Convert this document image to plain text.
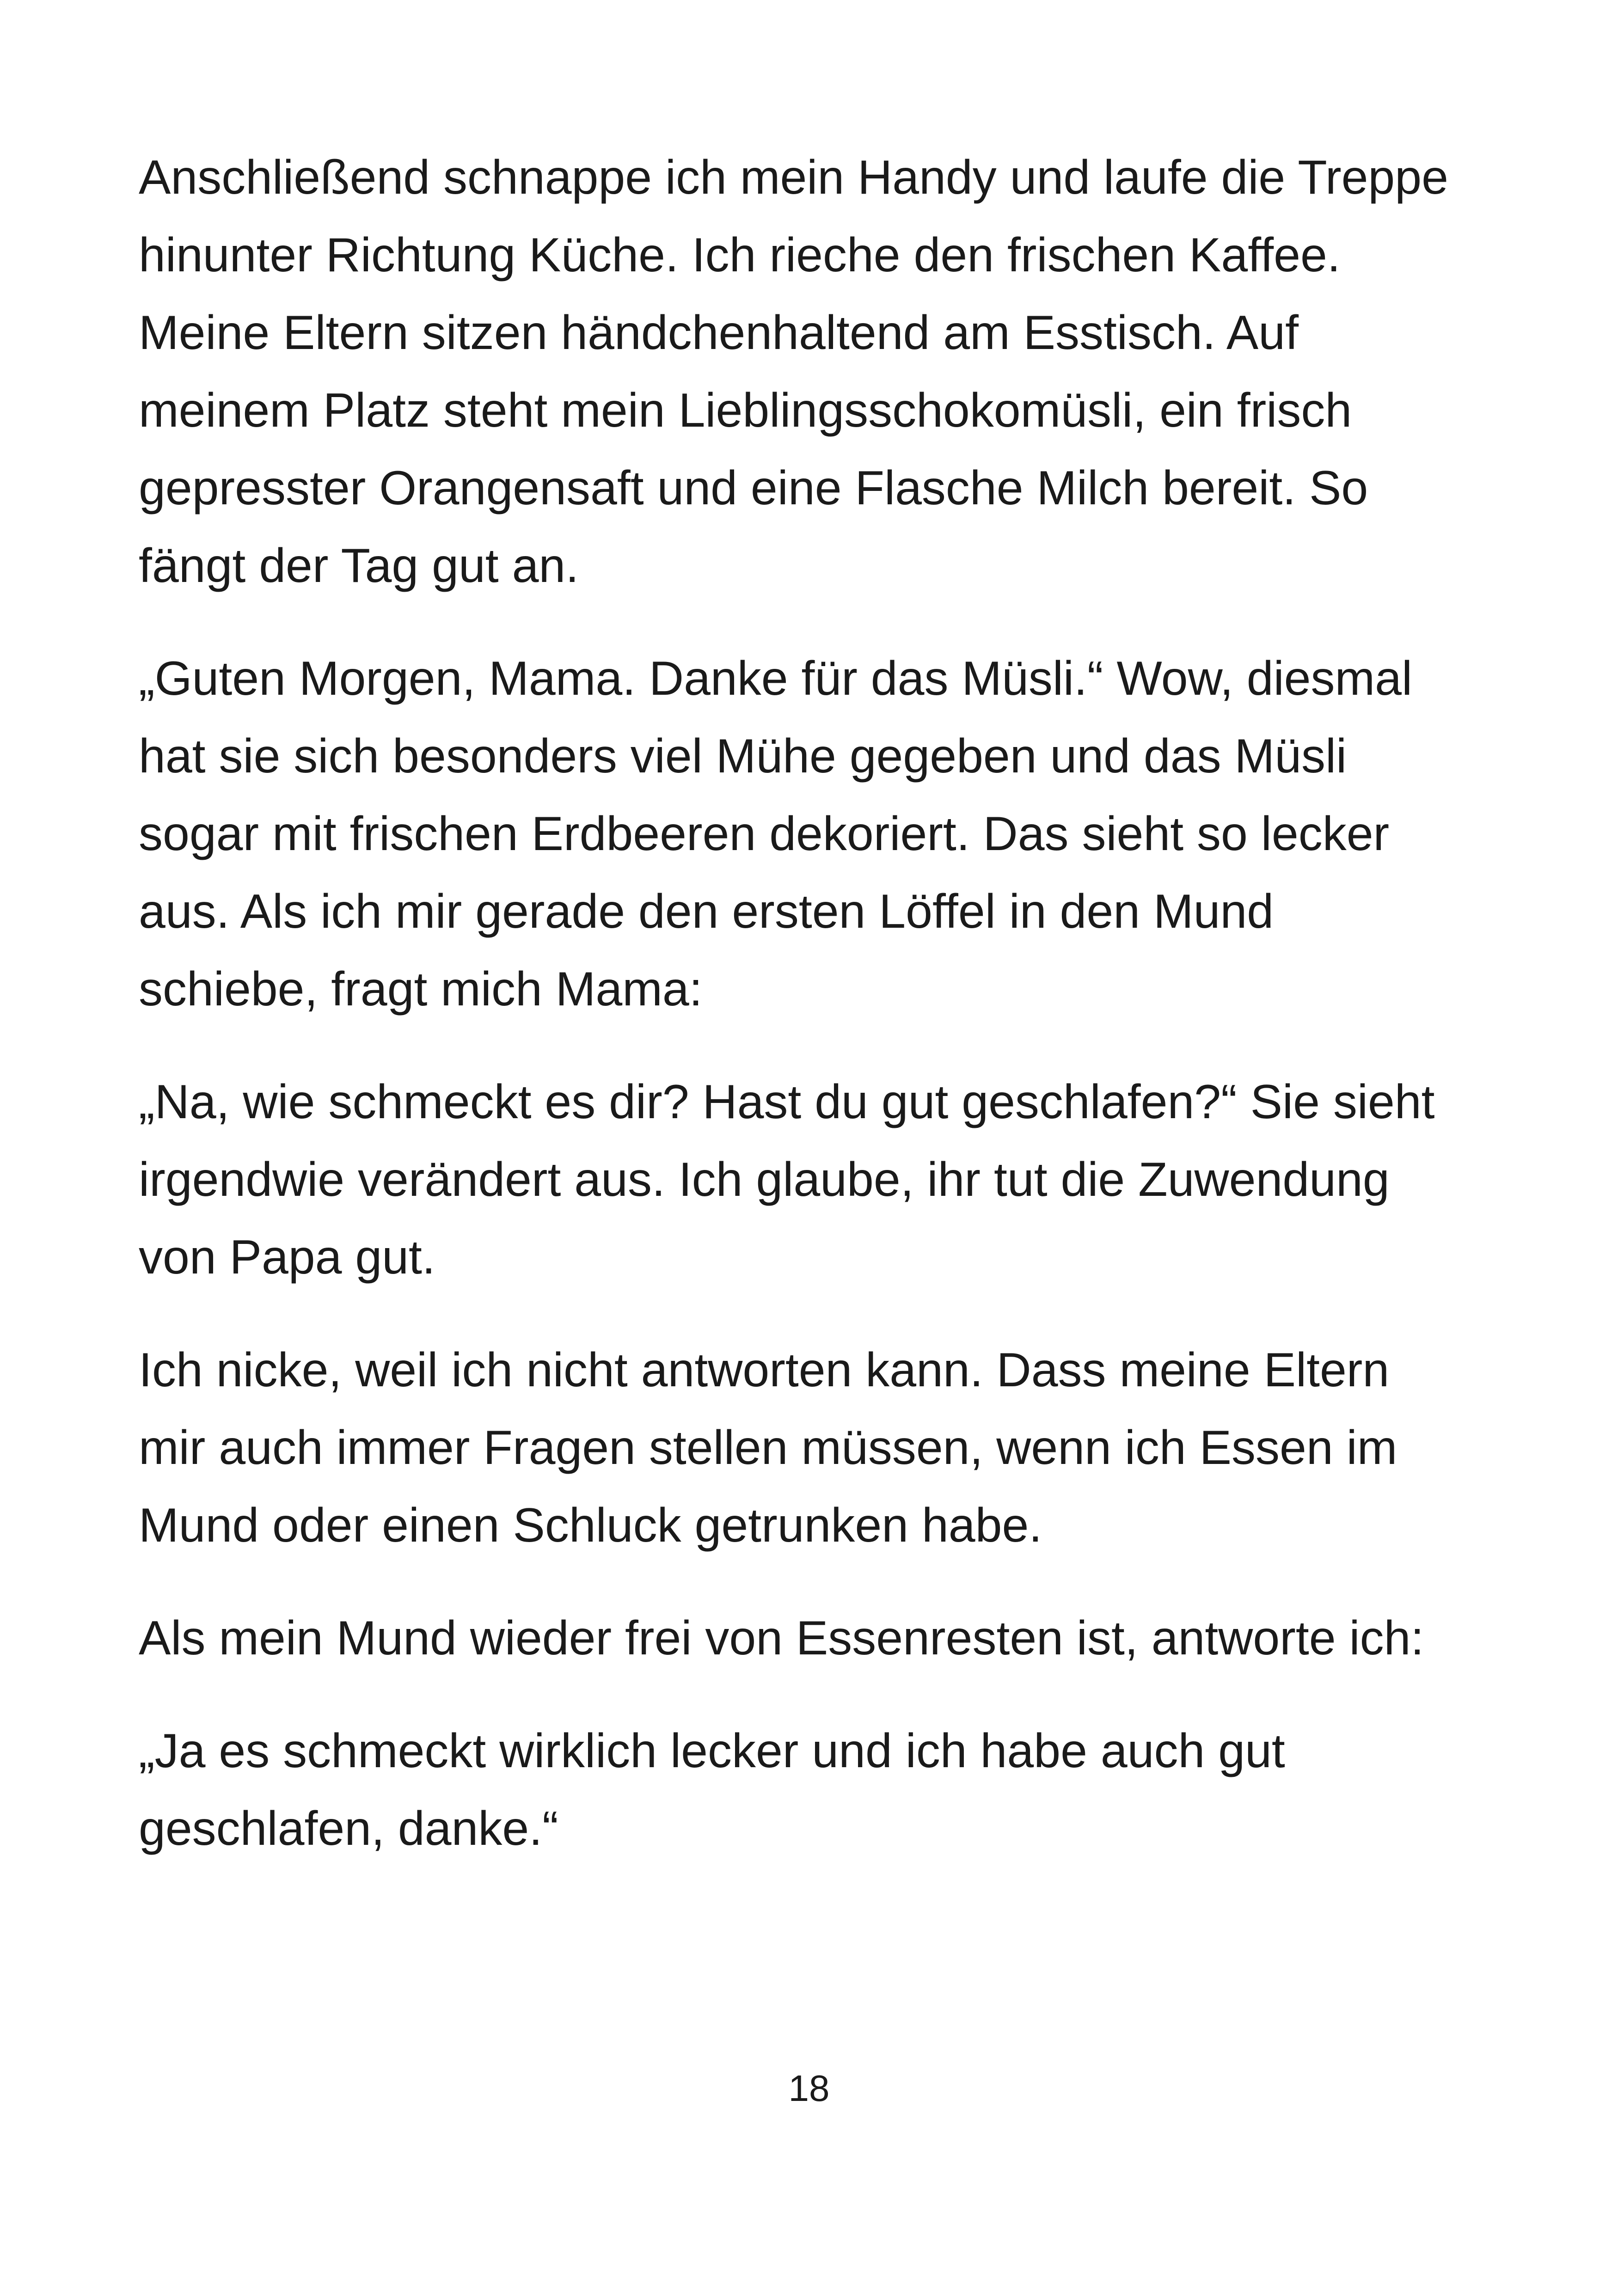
Anschließend schnappe ich mein Handy und laufe die Treppe
hinunter Richtung Küche. Ich rieche den frischen Kaffee.
Meine Eltern sitzen händchenhaltend am Esstisch. Auf
meinem Platz steht mein Lieblingsschokomüsli, ein frisch
gepresster Orangensaft und eine Flasche Milch bereit. So
fängt der Tag gut an.

„Guten Morgen, Mama. Danke für das Müsli.“ Wow, diesmal
hat sie sich besonders viel Mühe gegeben und das Müsli
sogar mit frischen Erdbeeren dekoriert. Das sieht so lecker
aus. Als ich mir gerade den ersten Löffel in den Mund
schiebe, fragt mich Mama:

„Na, wie schmeckt es dir? Hast du gut geschlafen?“ Sie sieht
irgendwie verändert aus. Ich glaube, ihr tut die Zuwendung
von Papa gut.

Ich nicke, weil ich nicht antworten kann. Dass meine Eltern
mir auch immer Fragen stellen müssen, wenn ich Essen im
Mund oder einen Schluck getrunken habe.

Als mein Mund wieder frei von Essenresten ist, antworte ich:

„Ja es schmeckt wirklich lecker und ich habe auch gut
geschlafen, danke.“

18
